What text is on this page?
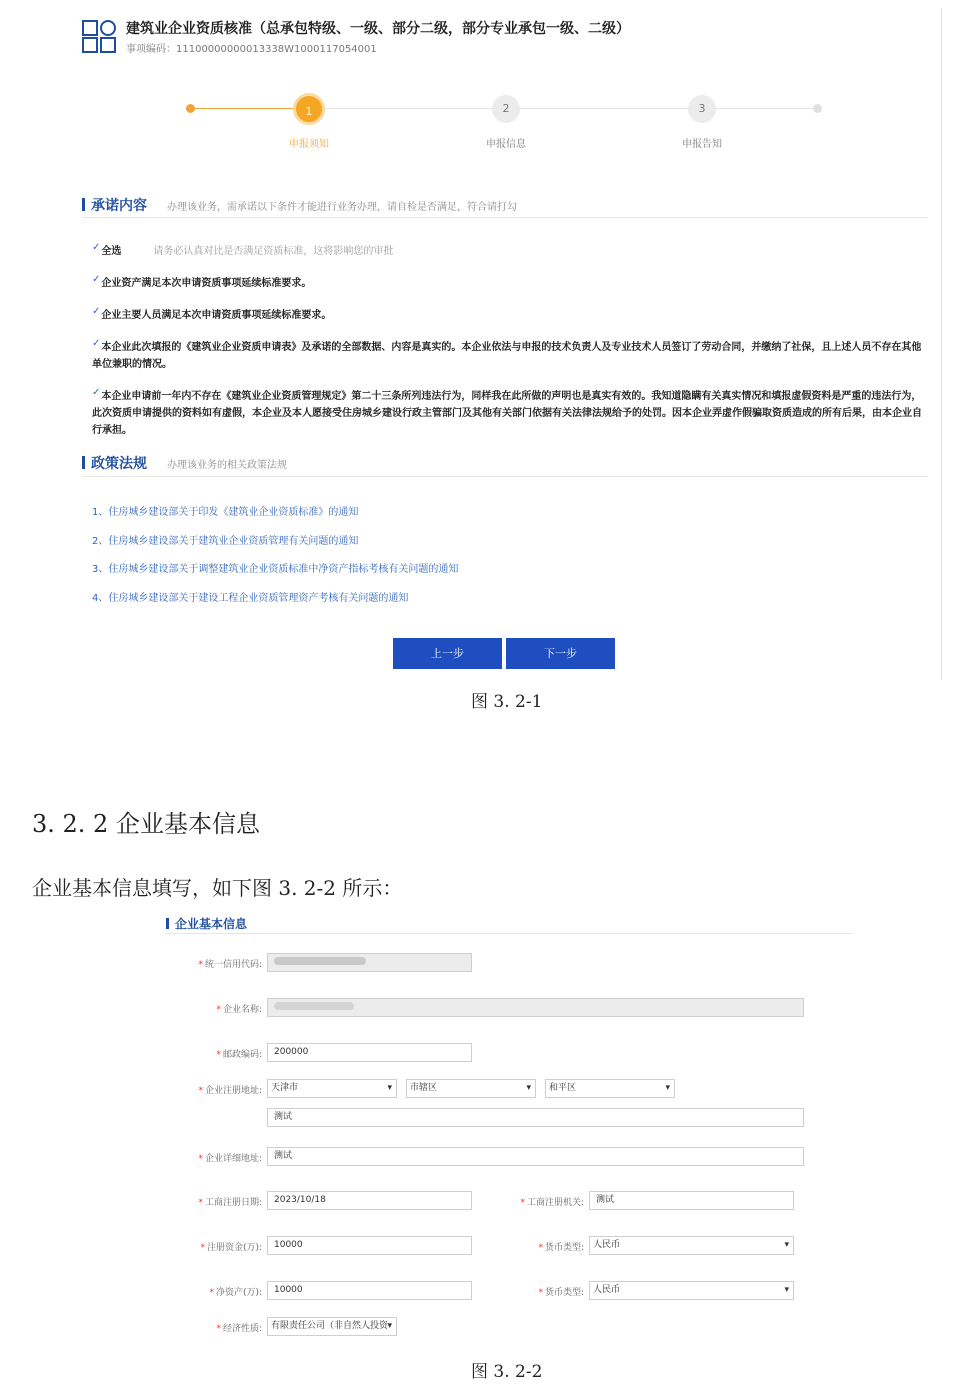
建筑业企业资质核准（总承包特级、一级、部分二级，部分专业承包一级、二级）
事项编码：11100000000013338W1000117054001
1
申报须知
2
申报信息
3
申报告知
承诺内容 办理该业务，需承诺以下条件才能进行业务办理，请自检是否满足，符合请打勾
✓全选	请务必认真对比是否满足资质标准，这将影响您的审批
✓企业资产满足本次申请资质事项延续标准要求。
✓企业主要人员满足本次申请资质事项延续标准要求。
✓本企业此次填报的《建筑业企业资质申请表》及承诺的全部数据、内容是真实的。本企业依法与申报的技术负责人及专业技术人员签订了劳动合同，并缴纳了社保，且上述人员不存在其他单位兼职的情况。
✓本企业申请前一年内不存在《建筑业企业资质管理规定》第二十三条所列违法行为，同样我在此所做的声明也是真实有效的。我知道隐瞒有关真实情况和填报虚假资料是严重的违法行为，此次资质申请提供的资料如有虚假，本企业及本人愿接受住房城乡建设行政主管部门及其他有关部门依据有关法律法规给予的处罚。因本企业弄虚作假骗取资质造成的所有后果，由本企业自行承担。
政策法规 办理该业务的相关政策法规
1、住房城乡建设部关于印发《建筑业企业资质标准》的通知
2、住房城乡建设部关于建筑业企业资质管理有关问题的通知
3、住房城乡建设部关于调整建筑业企业资质标准中净资产指标考核有关问题的通知
4、住房城乡建设部关于建设工程企业资质管理资产考核有关问题的通知
上一步	下一步
图 3. 2-1
3. 2. 2 企业基本信息
企业基本信息填写，如下图 3. 2-2 所示：
企业基本信息
* 统一信用代码:
* 企业名称:
* 邮政编码:	200000
* 企业注册地址:	天津市 ▾	市辖区 ▾	和平区 ▾
测试
* 企业详细地址:	测试
* 工商注册日期:	2023/10/18	* 工商注册机关:	测试
* 注册资金(万):	10000	* 货币类型:	人民币 ▾
* 净资产(万):	10000	* 货币类型:	人民币 ▾
* 经济性质:	有限责任公司（非自然人投资 ▾
图 3. 2-2
